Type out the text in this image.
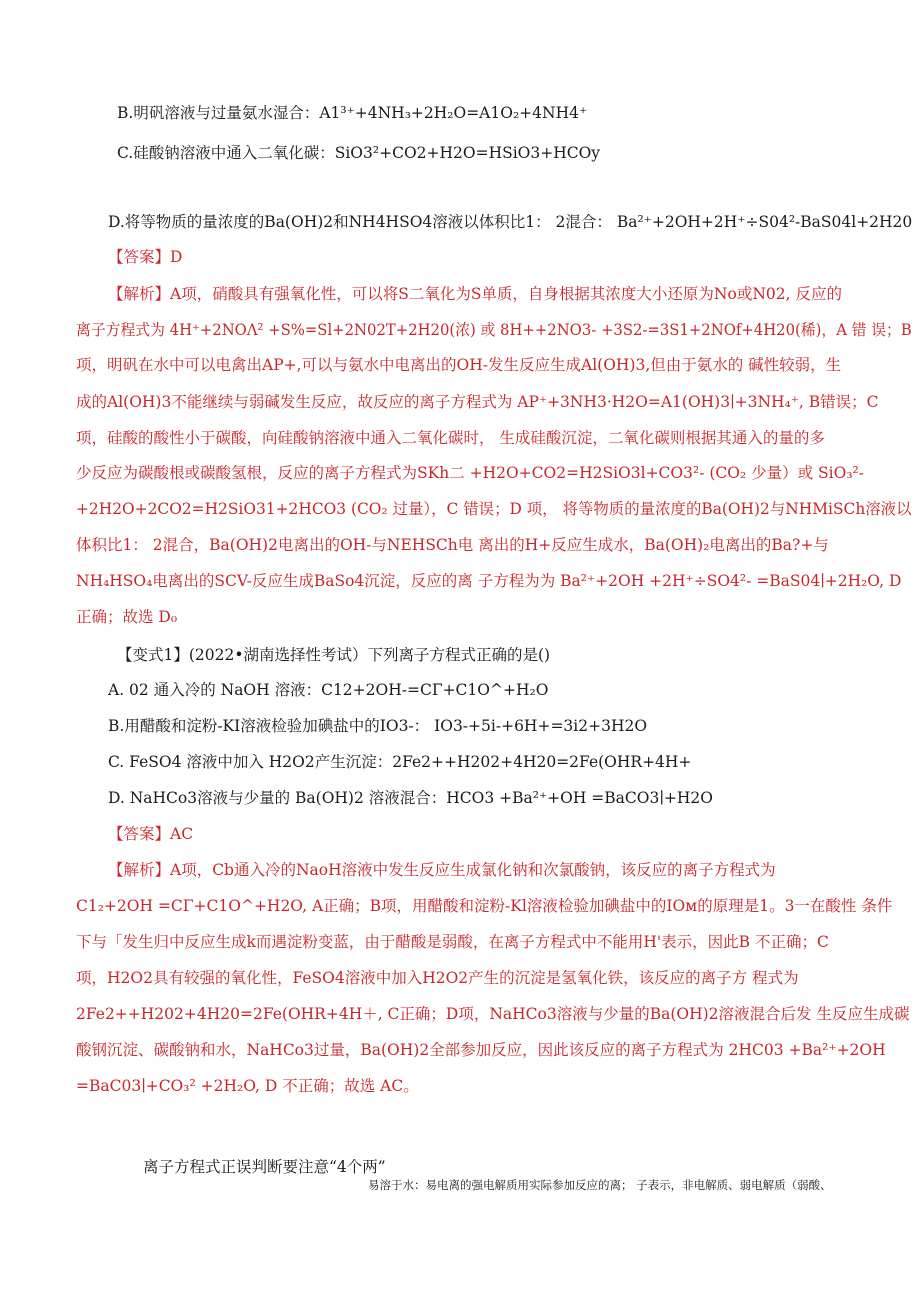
B.明矾溶液与过量氨水湿合：A1³⁺+4NH₃+2H₂O=A1O₂+4NH4⁺
C.硅酸钠溶液中通入二氧化碳：SiO3²+CO2+H2O=HSiO3+HCOy
D.将等物质的量浓度的Ba(OH)2和NH4HSO4溶液以体积比1： 2混合： Ba²⁺+2OH+2H⁺÷S04²-BaS04l+2H20
【答案】D
【解析】A项，硝酸具有强氧化性，可以将S二氧化为S单质，自身根据其浓度大小还原为No或N02, 反应的
离子方程式为 4H⁺+2NOΛ² +S%=Sl+2N02T+2H20(浓) 或 8H++2NO3- +3S2-=3S1+2NOf+4H20(稀)，A 错 误；B
项，明矾在水中可以电禽出AP+,可以与氨水中电离出的OH-发生反应生成Al(OH)3,但由于氨水的 碱性较弱，生
成的Al(OH)3不能继续与弱碱发生反应，故反应的离子方程式为 AP⁺+3NH3·H2O=A1(OH)3∣+3NH₄⁺, B错误；C
项，硅酸的酸性小于碳酸，向硅酸钠溶液中通入二氧化碳时， 生成硅酸沉淀，二氧化碳则根据其通入的量的多
少反应为碳酸根或碳酸氢根，反应的离子方程式为SKh二 +H2O+CO2=H2SiO3l+CO3²- (CO₂ 少量）或 SiO₃²-
+2H2O+2CO2=H2SiO31+2HCO3 (CO₂ 过量），C 错误；D 项， 将等物质的量浓度的Ba(OH)2与NHMiSCh溶液以
体积比1： 2混合，Ba(OH)2电离出的OH-与NEHSCh电 离出的H+反应生成水，Ba(OH)₂电离出的Ba?+与
NH₄HSO₄电离出的SCV-反应生成BaSo4沉淀，反应的离 子方程为为 Ba²⁺+2OH +2H⁺÷SO4²- =BaS04∣+2H₂O, D
正确；故选 D₀
【变式1】(2022•湖南选择性考试）下列离子方程式正确的是()
A. 02 通入冷的 NaOH 溶液：C12+2OH-=CΓ+C1O^+H₂O
B.用醋酸和淀粉-KI溶液检验加碘盐中的IO3-： IO3-+5i-+6H+=3i2+3H2O
C. FeSO4 溶液中加入 H2O2产生沉淀：2Fe2++H202+4H20=2Fe(OHR+4H+
D. NaHCo3溶液与少量的 Ba(OH)2 溶液混合：HCO3 +Ba²⁺+OH =BaCO3∣+H2O
【答案】AC
【解析】A项，Cb通入冷的NaoH溶液中发生反应生成氯化钠和次氯酸钠，该反应的离子方程式为
C1₂+2OH =CΓ+C1O^+H2O, A正确；B项，用醋酸和淀粉-Kl溶液检验加碘盐中的IOм的原理是1。3一在酸性 条件
下与「发生归中反应生成k而遇淀粉变蓝，由于醋酸是弱酸，在离子方程式中不能用H'表示，因此B 不正确；C
项，H2O2具有较强的氧化性，FeSO4溶液中加入H2O2产生的沉淀是氢氧化铁，该反应的离子方 程式为
2Fe2++H202+4H20=2Fe(OHR+4H＋, C正确；D项，NaHCo3溶液与少量的Ba(OH)2溶液混合后发 生反应生成碳
酸钢沉淀、碳酸钠和水，NaHCo3过量，Ba(OH)2全部参加反应，因此该反应的离子方程式为 2HC03 +Ba²⁺+2OH
=BaC03∣+CO₃² +2H₂O, D 不正确；故选 AC。
离子方程式正误判断要注意“4个两”
易溶于水：易电离的强电解质用实际参加反应的离； 子表示，非电解质、弱电解质（弱酸、
